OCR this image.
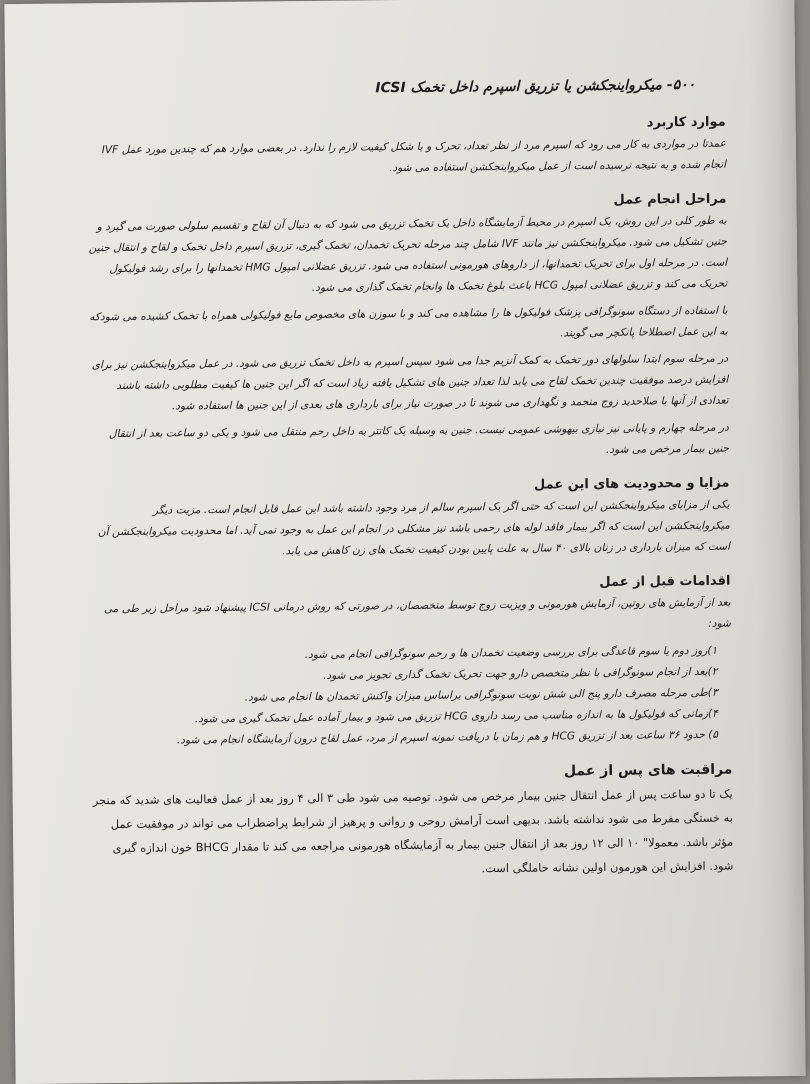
۵۰۰- میکرواینجکشن یا تزریق اسپرم داخل تخمک ICSI
موارد کاربرد

عمدتا در مواردی به کار می رود که اسپرم مرد از نظر تعداد، تحرک و یا شکل کیفیت لازم را ندارد. در بعضی موارد هم که چندین مورد عمل IVF انجام شده و به نتیجه نرسیده است از عمل میکرواینجکشن استفاده می شود.

مراحل انجام عمل

به طور کلی در این روش، یک اسپرم در محیط آزمایشگاه داخل یک تخمک تزریق می شود که به دنبال آن لقاح و تقسیم سلولی صورت می گیرد و جنین تشکیل می شود. میکرواینجکشن نیز مانند IVF شامل چند مرحله تحریک تخمدان، تخمک گیری، تزریق اسپرم داخل تخمک و لقاح و انتقال جنین است. در مرحله اول برای تحریک تخمدانها، از داروهای هورمونی استفاده می شود. تزریق عضلانی امپول HMG تخمدانها را برای رشد فولیکول تحریک می کند و تزریق عضلانی امپول HCG باعث بلوغ تخمک ها وانجام تخمک گذاری می شود.

با استفاده از دستگاه سونوگرافی پزشک فولیکول ها را مشاهده می کند و با سوزن های مخصوص مایع فولیکولی همراه با تخمک کشیده می شودکه به این عمل اصطلاحا پانکچر می گویند.

در مرحله سوم ابتدا سلولهای دور تخمک به کمک آنزیم جدا می شود سپس اسپرم به داخل تخمک تزریق می شود. در عمل میکرواینجکشن نیز برای افزایش درصد موفقیت چندین تخمک لقاح می یابد لذا تعداد جنین های تشکیل یافته زیاد است که اگر این جنین ها کیفیت مطلوبی داشته باشند تعدادی از آنها با صلاحدید زوج منجمد و نگهداری می شوند تا در صورت نیاز برای بارداری های بعدی از این جنین ها استفاده شود.

در مرحله چهارم و پایانی نیز نیازی بیهوشی عمومی نیست. جنین به وسیله یک کاتتر به داخل رحم منتقل می شود و یکی دو ساعت بعد از انتقال جنین بیمار مرخص می شود.

مزایا و محدودیت های این عمل

یکی از مزایای میکرواینجکشن این است که حتی اگر یک اسپرم سالم از مرد وجود داشته باشد این عمل قابل انجام است. مزیت دیگر میکرواینجکشن این است که اگر بیمار فاقد لوله های رحمی باشد نیز مشکلی در انجام این عمل به وجود نمی آید. اما محدودیت میکرواینجکشن آن است که میزان بارداری در زنان بالای ۴۰ سال به علت پایین بودن کیفیت تخمک های زن کاهش می یابد.

اقدامات قبل از عمل

بعد از آزمایش های روتین، آزمایش هورمونی و ویزیت زوج توسط متخصصان، در صورتی که روش درمانی ICSI پیشنهاد شود مراحل زیر طی می شود:

۱)روز دوم یا سوم قاعدگی برای بررسی وضعیت تخمدان ها و رحم سونوگرافی انجام می شود.
۲)بعد از انجام سونوگرافی با نظر متخصص دارو جهت تحریک تخمک گذاری تجویز می شود.
۳)طی مرحله مصرف دارو پنج الی شش نوبت سونوگرافی براساس میزان واکنش تخمدان ها انجام می شود.
۴)زمانی که فولیکول ها به اندازه مناسب می رسد داروی HCG تزریق می شود و بیمار آماده عمل تخمک گیری می شود.
۵) حدود ۳۶ ساعت بعد از تزریق HCG و هم زمان با دریافت نمونه اسپرم از مرد، عمل لقاح درون آزمایشگاه انجام می شود.
مراقبت های پس از عمل

یک تا دو ساعت پس از عمل انتقال جنین بیمار مرخص می شود. توصیه می شود طی ۳ الی ۴ روز بعد از عمل فعالیت های شدید که منجر به خستگی مفرط می شود نداشته باشد. بدیهی است آرامش روحی و روانی و پرهیز از شرایط پراضطراب می تواند در موفقیت عمل مؤثر باشد. معمولا" ۱۰ الی ۱۲ روز بعد از انتقال جنین بیمار به آزمایشگاه هورمونی مراجعه می کند تا مقدار BHCG خون اندازه گیری شود. افزایش این هورمون اولین نشانه حاملگی است.
